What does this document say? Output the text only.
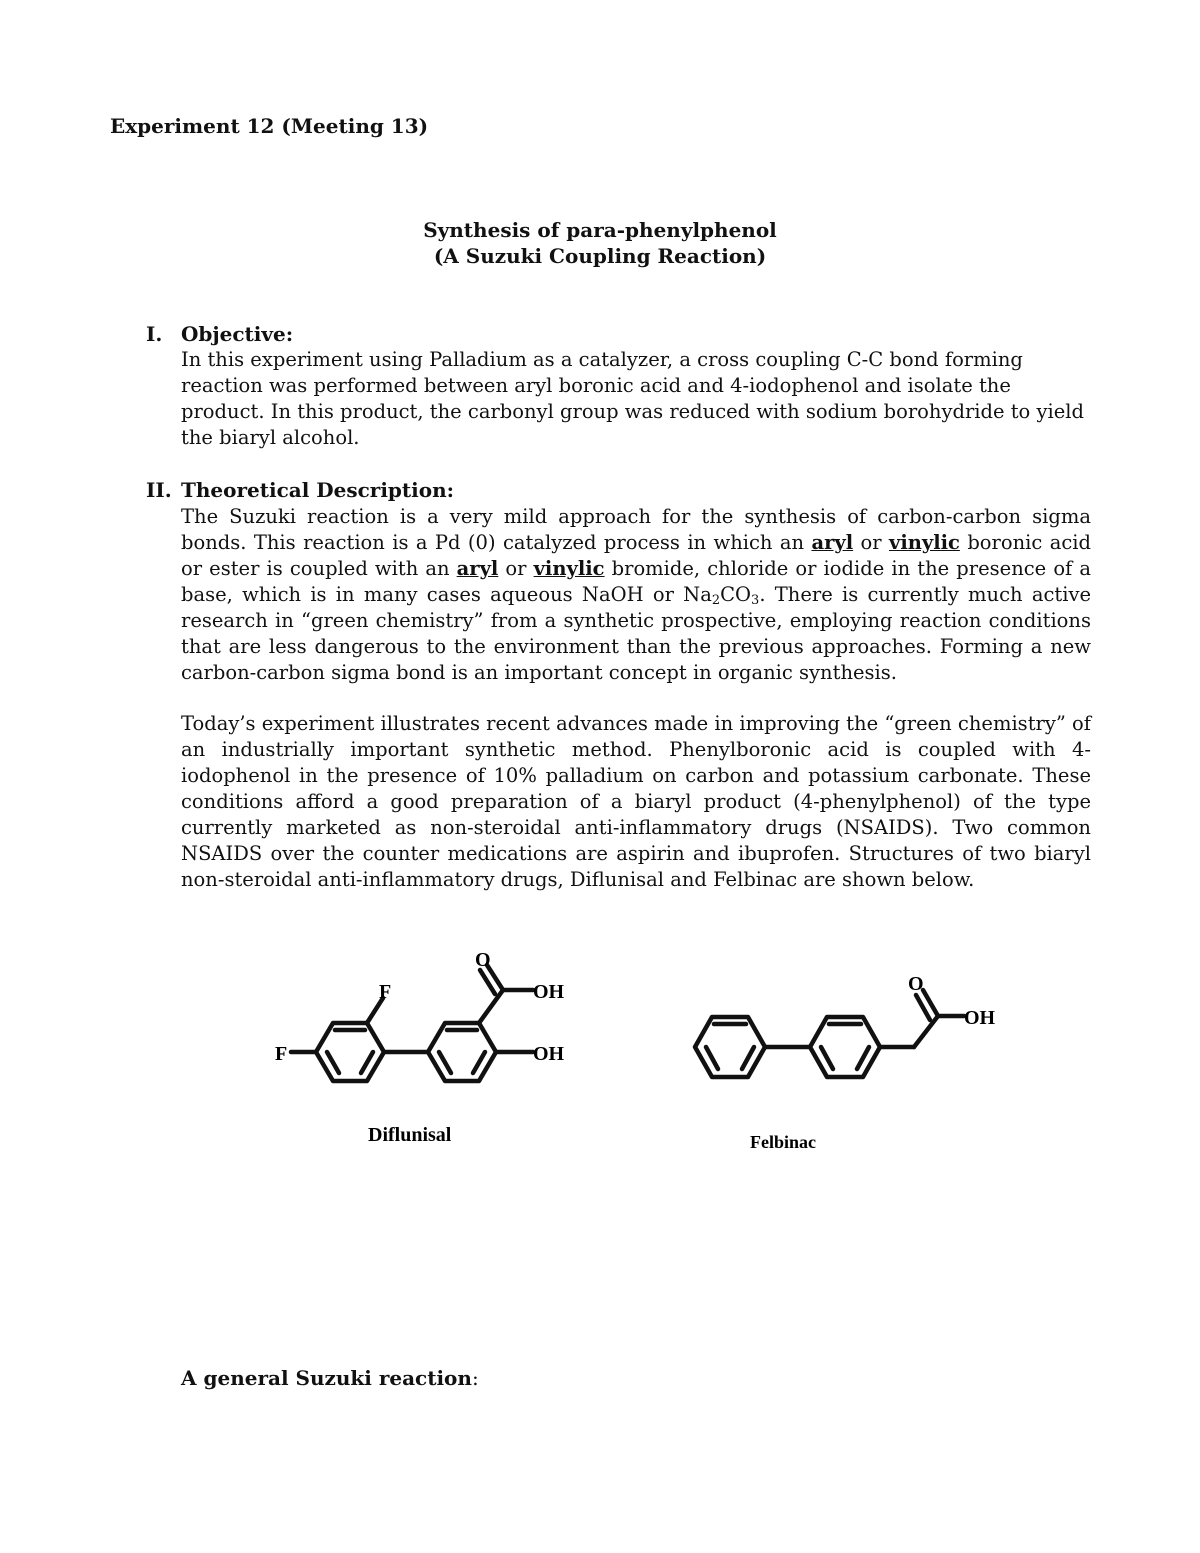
Experiment 12 (Meeting 13)
Synthesis of para-phenylphenol
(A Suzuki Coupling Reaction)
I. Objective:
In this experiment using Palladium as a catalyzer, a cross coupling C-C bond forming reaction was performed between aryl boronic acid and 4-iodophenol and isolate the product. In this product, the carbonyl group was reduced with sodium borohydride to yield the biaryl alcohol.
II. Theoretical Description:
The Suzuki reaction is a very mild approach for the synthesis of carbon-carbon sigma bonds. This reaction is a Pd (0) catalyzed process in which an aryl or vinylic boronic acid or ester is coupled with an aryl or vinylic bromide, chloride or iodide in the presence of a base, which is in many cases aqueous NaOH or $Na_2CO_3$. There is currently much active research in “green chemistry” from a synthetic prospective, employing reaction conditions that are less dangerous to the environment than the previous approaches. Forming a new carbon-carbon sigma bond is an important concept in organic synthesis.
Today’s experiment illustrates recent advances made in improving the “green chemistry” of an industrially important synthetic method. Phenylboronic acid is coupled with 4-iodophenol in the presence of 10% palladium on carbon and potassium carbonate. These conditions afford a good preparation of a biaryl product (4-phenylphenol) of the type currently marketed as non-steroidal anti-inflammatory drugs (NSAIDS). Two common NSAIDS over the counter medications are aspirin and ibuprofen. Structures of two biaryl non-steroidal anti-inflammatory drugs, Diflunisal and Felbinac are shown below.
F
F
O
OH
OH
Diflunisal
O
OH
Felbinac
A general Suzuki reaction:
